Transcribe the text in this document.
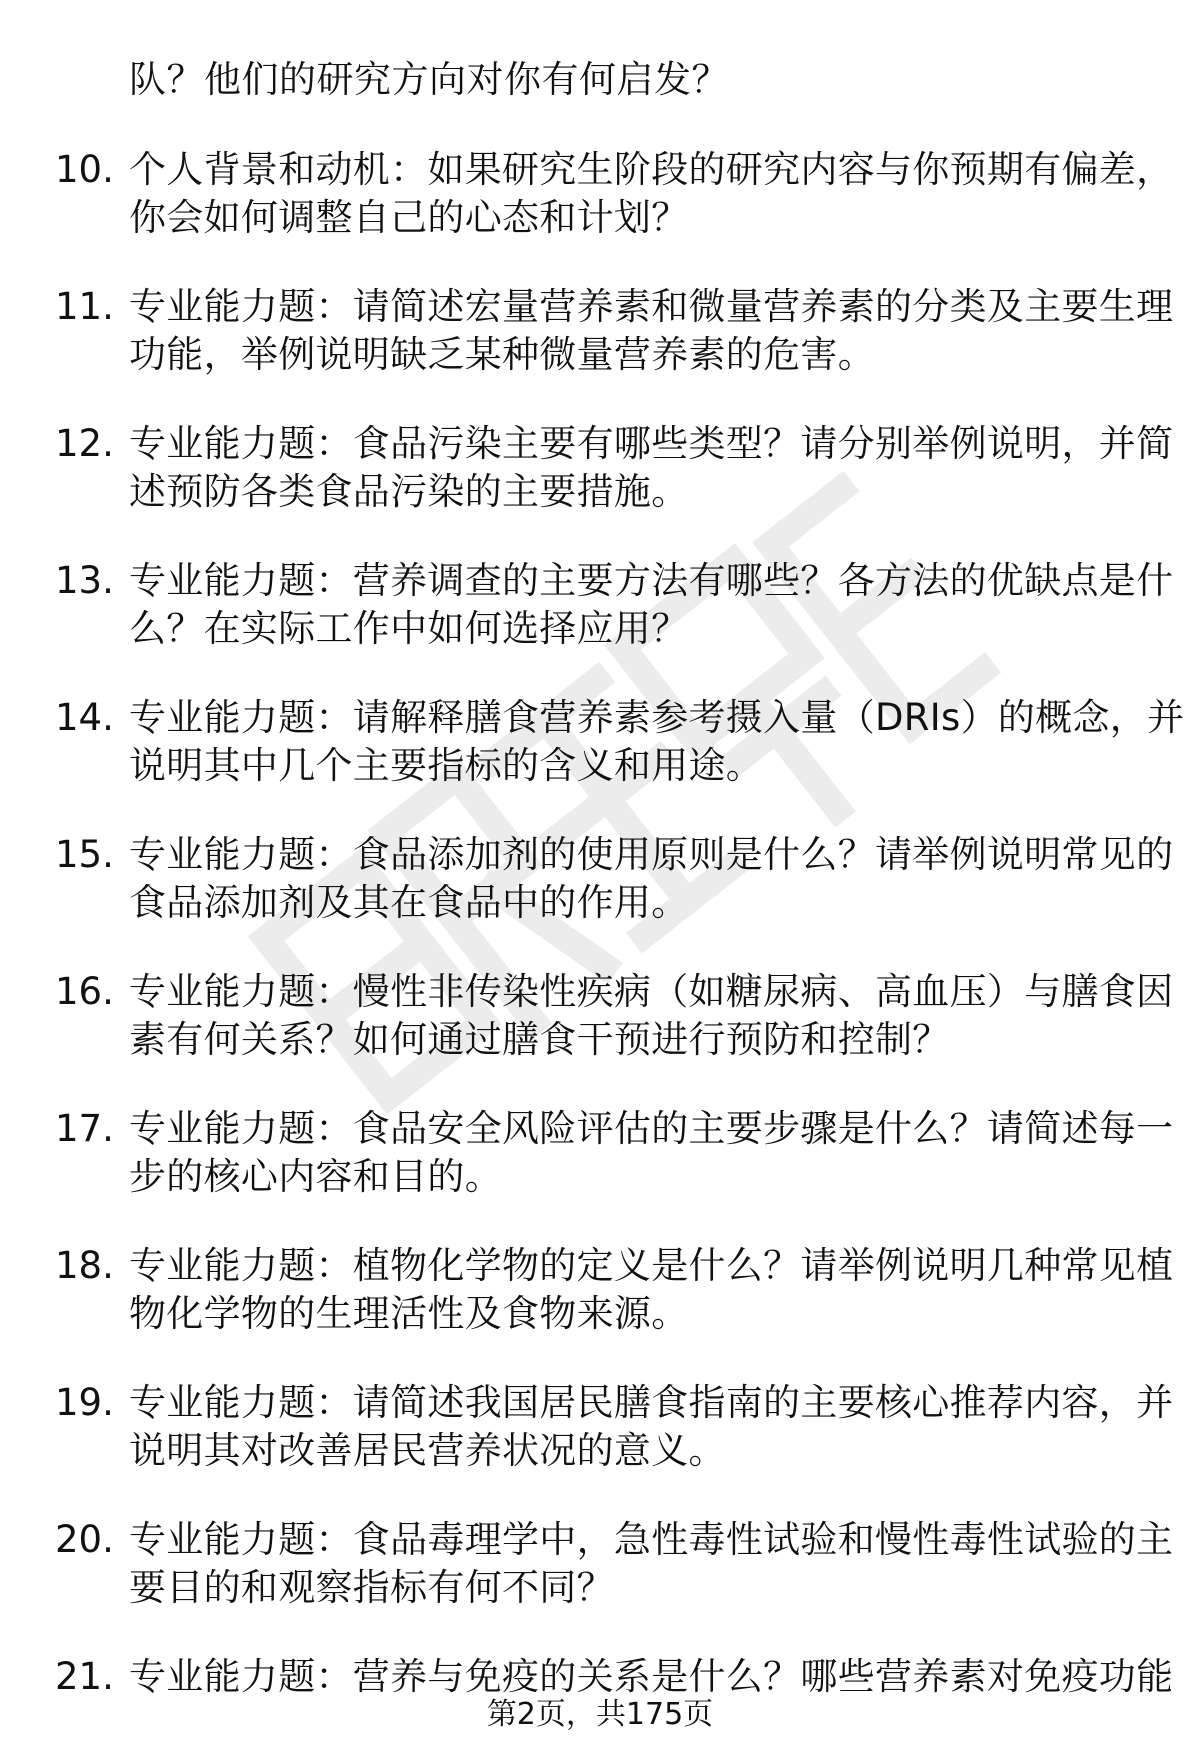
队？他们的研究方向对你有何启发？
10. 个人背景和动机：如果研究生阶段的研究内容与你预期有偏差，
你会如何调整自己的心态和计划？
11. 专业能力题：请简述宏量营养素和微量营养素的分类及主要生理
功能，举例说明缺乏某种微量营养素的危害。
12. 专业能力题：食品污染主要有哪些类型？请分别举例说明，并简
述预防各类食品污染的主要措施。
13. 专业能力题：营养调查的主要方法有哪些？各方法的优缺点是什
么？在实际工作中如何选择应用？
14. 专业能力题：请解释膳食营养素参考摄入量（DRIs）的概念，并
说明其中几个主要指标的含义和用途。
15. 专业能力题：食品添加剂的使用原则是什么？请举例说明常见的
食品添加剂及其在食品中的作用。
16. 专业能力题：慢性非传染性疾病（如糖尿病、高血压）与膳食因
素有何关系？如何通过膳食干预进行预防和控制？
17. 专业能力题：食品安全风险评估的主要步骤是什么？请简述每一
步的核心内容和目的。
18. 专业能力题：植物化学物的定义是什么？请举例说明几种常见植
物化学物的生理活性及食物来源。
19. 专业能力题：请简述我国居民膳食指南的主要核心推荐内容，并
说明其对改善居民营养状况的意义。
20. 专业能力题：食品毒理学中，急性毒性试验和慢性毒性试验的主
要目的和观察指标有何不同？
21. 专业能力题：营养与免疫的关系是什么？哪些营养素对免疫功能
第2页，共175页
